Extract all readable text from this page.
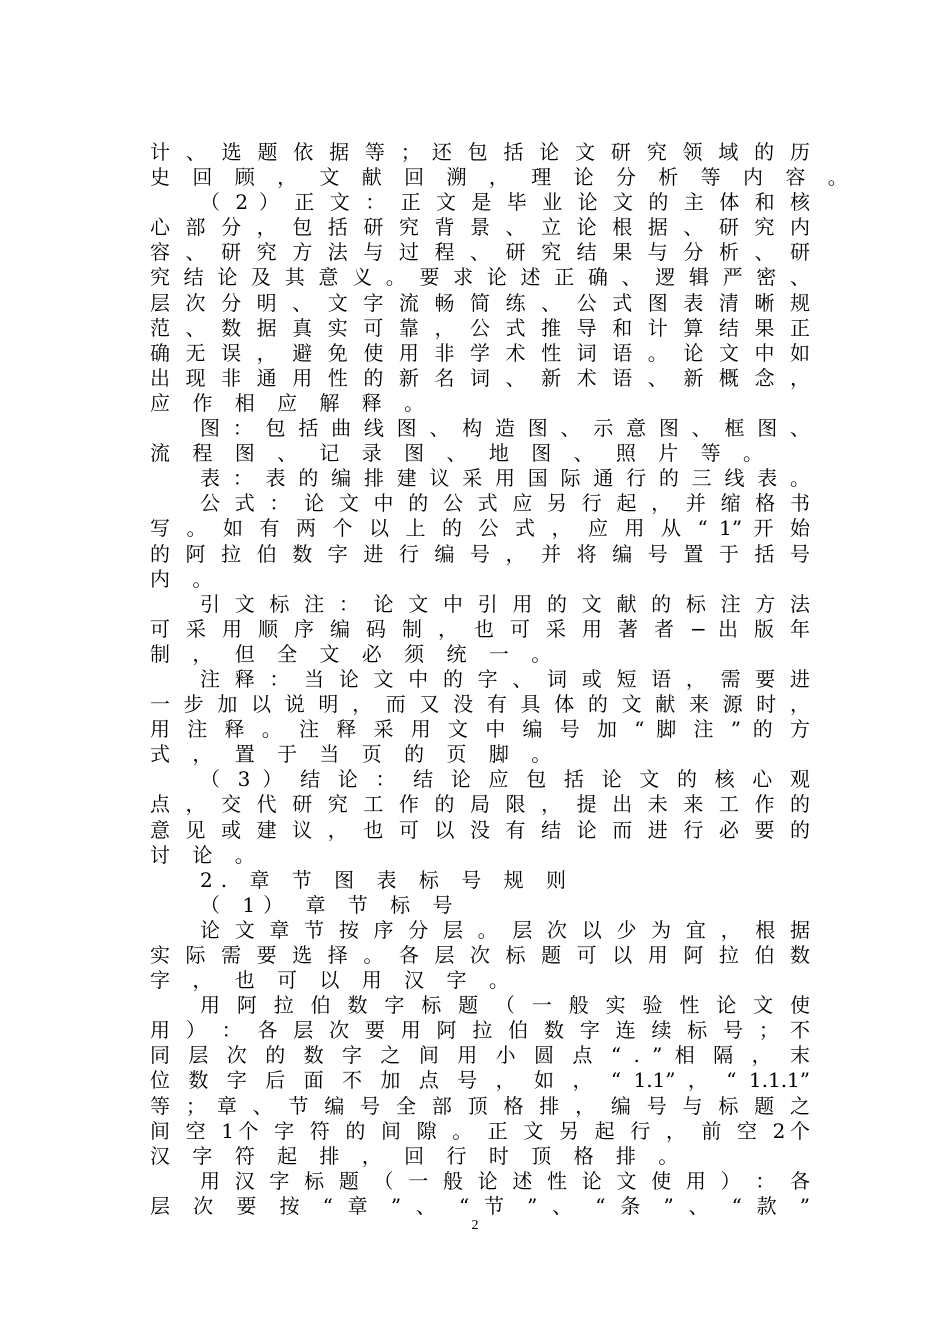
计 、 选 题 依 据 等 ； 还 包 括 论 文 研 究 领 域 的 历
史 回 顾 ， 文 献 回 溯 ， 理 论 分 析 等 内 容 。
（ 2 ） 正 文 ： 正 文 是 毕 业 论 文 的 主 体 和 核
心 部 分 ， 包 括 研 究 背 景 、 立 论 根 据 、 研 究 内
容 、 研 究 方 法 与 过 程 、 研 究 结 果 与 分 析 、 研
究 结 论 及 其 意 义 。 要 求 论 述 正 确 、 逻 辑 严 密 、
层 次 分 明 、 文 字 流 畅 简 练 、 公 式 图 表 清 晰 规
范 、 数 据 真 实 可 靠 ， 公 式 推 导 和 计 算 结 果 正
确 无 误 ， 避 免 使 用 非 学 术 性 词 语 。 论 文 中 如
出 现 非 通 用 性 的 新 名 词 、 新 术 语 、 新 概 念 ，
应 作 相 应 解 释 。
图 ： 包 括 曲 线 图 、 构 造 图 、 示 意 图 、 框 图 、
流 程 图 、 记 录 图 、 地 图 、 照 片 等 。
表 ： 表 的 编 排 建 议 采 用 国 际 通 行 的 三 线 表 。
公 式 ： 论 文 中 的 公 式 应 另 行 起 ， 并 缩 格 书
写 。 如 有 两 个 以 上 的 公 式 ， 应 用 从 “ 1” 开 始
的 阿 拉 伯 数 字 进 行 编 号 ， 并 将 编 号 置 于 括 号
内 。
引 文 标 注 ： 论 文 中 引 用 的 文 献 的 标 注 方 法
可 采 用 顺 序 编 码 制 ， 也 可 采 用 著 者 − 出 版 年
制 ， 但 全 文 必 须 统 一 。
注 释 ： 当 论 文 中 的 字 、 词 或 短 语 ， 需 要 进
一 步 加 以 说 明 ， 而 又 没 有 具 体 的 文 献 来 源 时 ，
用 注 释 。 注 释 采 用 文 中 编 号 加 “ 脚 注 ” 的 方
式 ， 置 于 当 页 的 页 脚 。
（ 3 ） 结 论 ： 结 论 应 包 括 论 文 的 核 心 观
点 ， 交 代 研 究 工 作 的 局 限 ， 提 出 未 来 工 作 的
意 见 或 建 议 ， 也 可 以 没 有 结 论 而 进 行 必 要 的
讨 论 。
2. 章 节 图 表 标 号 规 则
（ 1） 章 节 标 号
论 文 章 节 按 序 分 层 。 层 次 以 少 为 宜 ， 根 据
实 际 需 要 选 择 。 各 层 次 标 题 可 以 用 阿 拉 伯 数
字 ， 也 可 以 用 汉 字 。
用 阿 拉 伯 数 字 标 题 （ 一 般 实 验 性 论 文 使
用 ） ： 各 层 次 要 用 阿 拉 伯 数 字 连 续 标 号 ； 不
同 层 次 的 数 字 之 间 用 小 圆 点 “ . ” 相 隔 ， 末
位 数 字 后 面 不 加 点 号 ， 如 ， “ 1.1” ， “ 1.1.1”
等 ； 章 、 节 编 号 全 部 顶 格 排 ， 编 号 与 标 题 之
间 空 1个 字 符 的 间 隙 。 正 文 另 起 行 ， 前 空 2个
汉 字 符 起 排 ， 回 行 时 顶 格 排 。
用 汉 字 标 题 （ 一 般 论 述 性 论 文 使 用 ） ： 各
层 次 要 按 “ 章 ” 、 “ 节 ” 、 “ 条 ” 、 “ 款 ”
2
